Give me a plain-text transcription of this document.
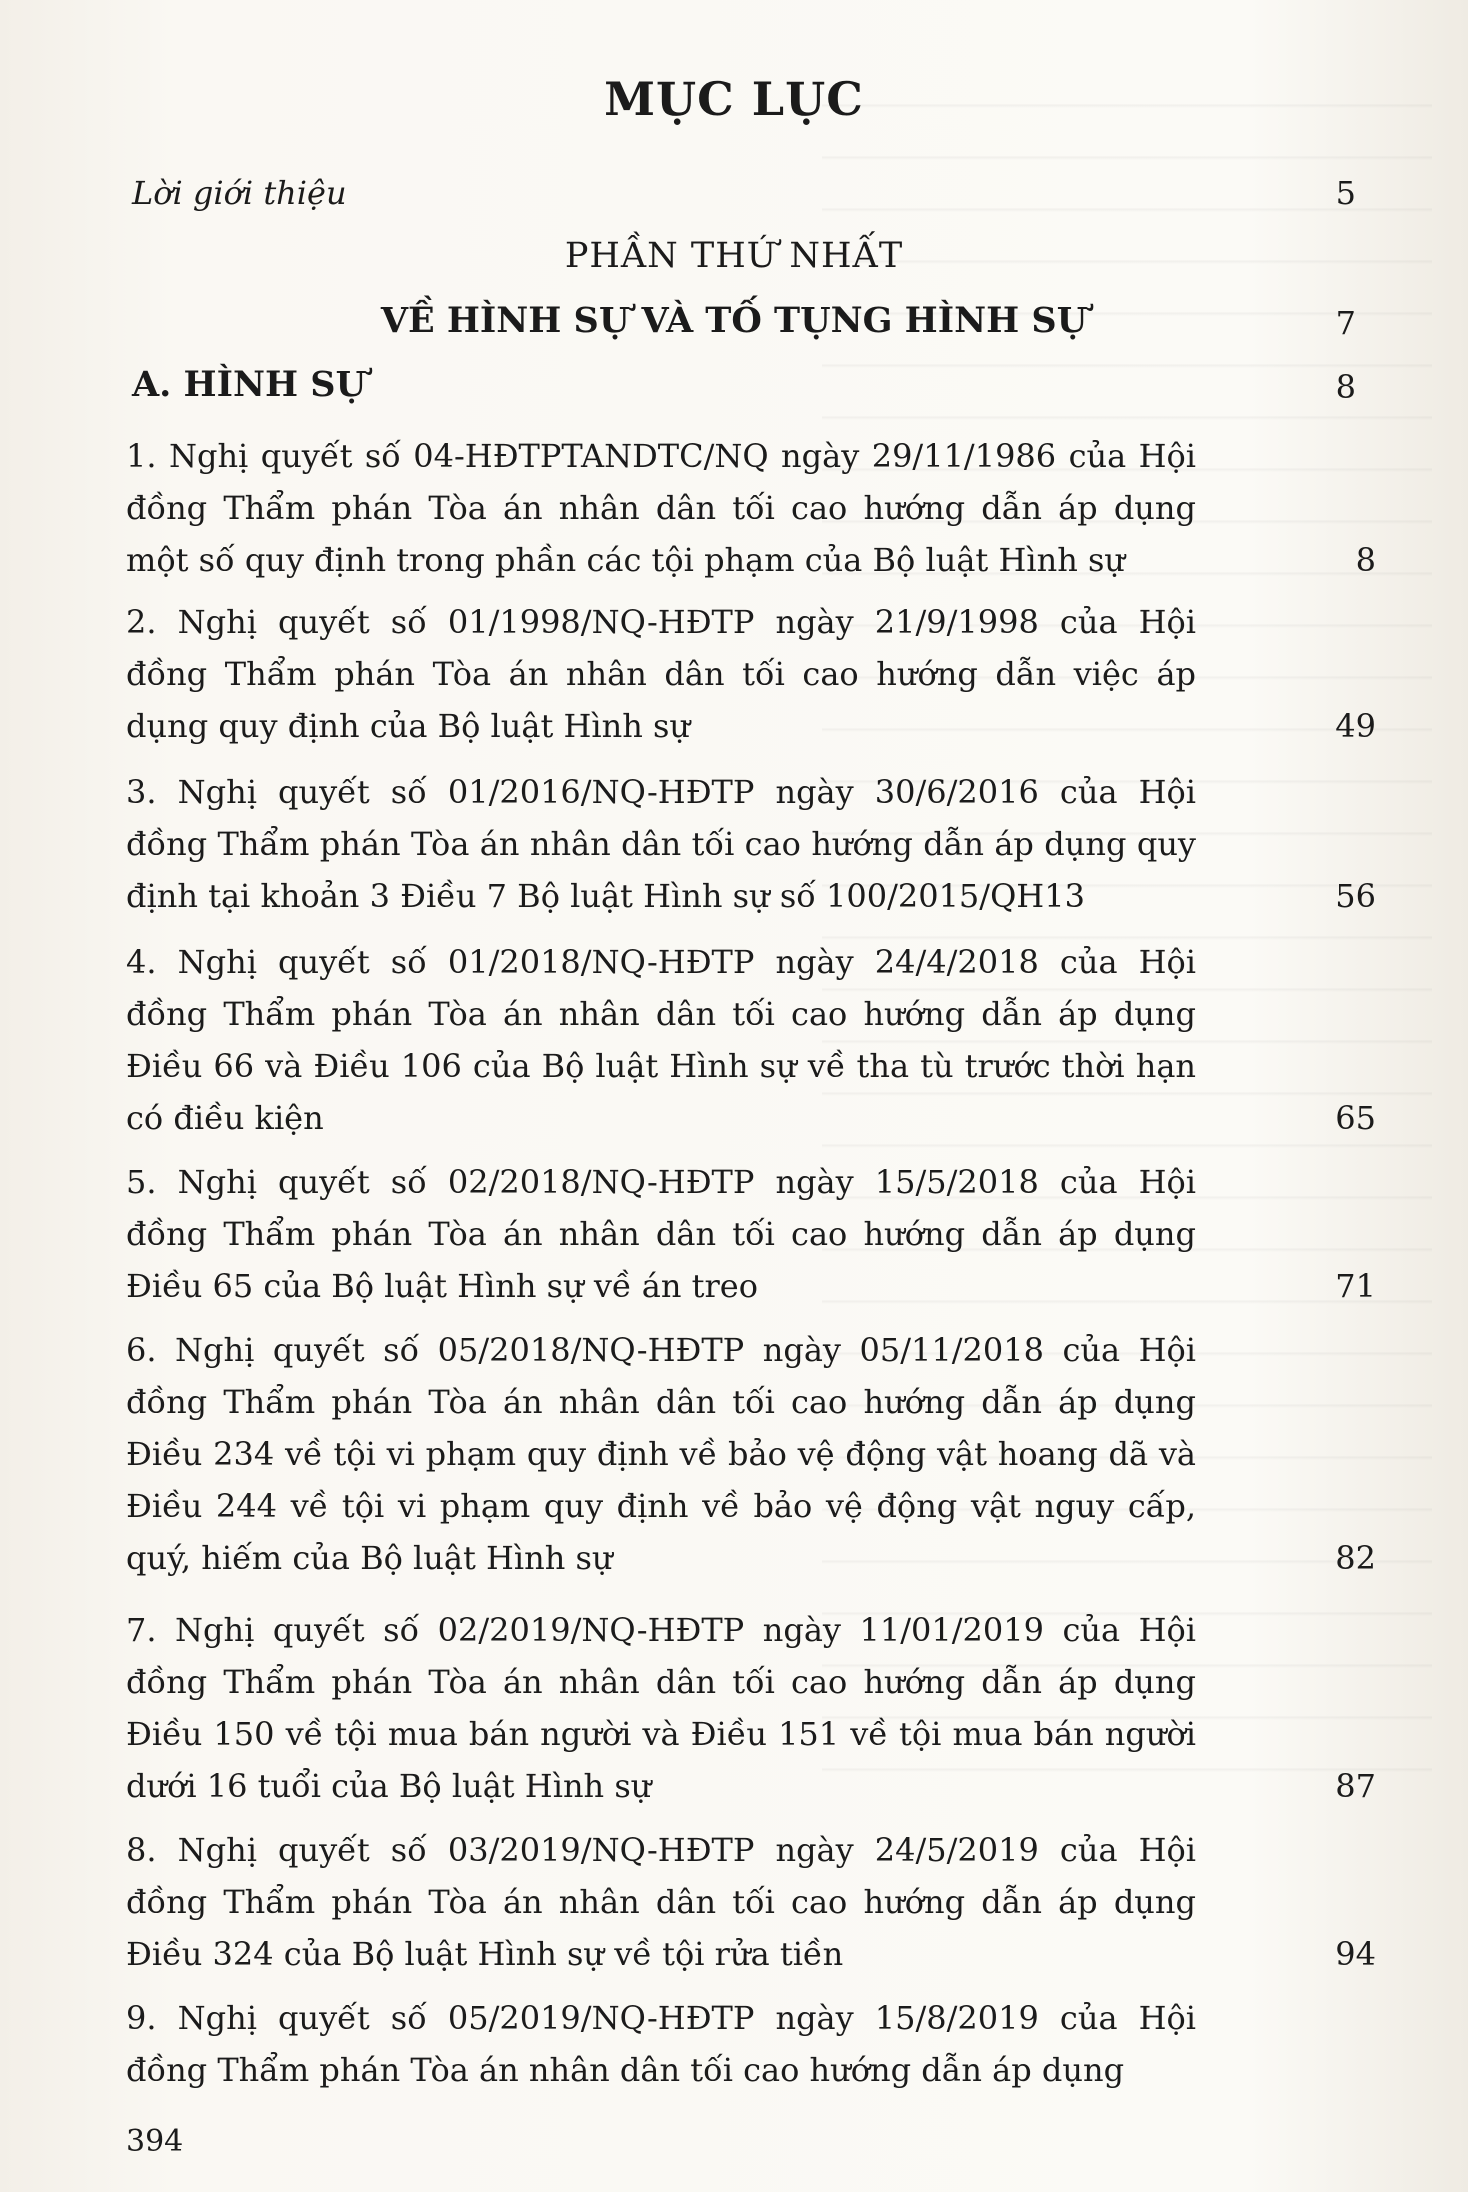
MỤC LỤC
Lời giới thiệu	5
PHẦN THỨ NHẤT
VỀ HÌNH SỰ VÀ TỐ TỤNG HÌNH SỰ	7
A. HÌNH SỰ	8
1. Nghị quyết số 04-HĐTPTANDTC/NQ ngày 29/11/1986 của Hội đồng Thẩm phán Tòa án nhân dân tối cao hướng dẫn áp dụng một số quy định trong phần các tội phạm của Bộ luật Hình sự	8
2. Nghị quyết số 01/1998/NQ-HĐTP ngày 21/9/1998 của Hội đồng Thẩm phán Tòa án nhân dân tối cao hướng dẫn việc áp dụng quy định của Bộ luật Hình sự	49
3. Nghị quyết số 01/2016/NQ-HĐTP ngày 30/6/2016 của Hội đồng Thẩm phán Tòa án nhân dân tối cao hướng dẫn áp dụng quy định tại khoản 3 Điều 7 Bộ luật Hình sự số 100/2015/QH13	56
4. Nghị quyết số 01/2018/NQ-HĐTP ngày 24/4/2018 của Hội đồng Thẩm phán Tòa án nhân dân tối cao hướng dẫn áp dụng Điều 66 và Điều 106 của Bộ luật Hình sự về tha tù trước thời hạn có điều kiện	65
5. Nghị quyết số 02/2018/NQ-HĐTP ngày 15/5/2018 của Hội đồng Thẩm phán Tòa án nhân dân tối cao hướng dẫn áp dụng Điều 65 của Bộ luật Hình sự về án treo	71
6. Nghị quyết số 05/2018/NQ-HĐTP ngày 05/11/2018 của Hội đồng Thẩm phán Tòa án nhân dân tối cao hướng dẫn áp dụng Điều 234 về tội vi phạm quy định về bảo vệ động vật hoang dã và Điều 244 về tội vi phạm quy định về bảo vệ động vật nguy cấp, quý, hiếm của Bộ luật Hình sự	82
7. Nghị quyết số 02/2019/NQ-HĐTP ngày 11/01/2019 của Hội đồng Thẩm phán Tòa án nhân dân tối cao hướng dẫn áp dụng Điều 150 về tội mua bán người và Điều 151 về tội mua bán người dưới 16 tuổi của Bộ luật Hình sự	87
8. Nghị quyết số 03/2019/NQ-HĐTP ngày 24/5/2019 của Hội đồng Thẩm phán Tòa án nhân dân tối cao hướng dẫn áp dụng Điều 324 của Bộ luật Hình sự về tội rửa tiền	94
9. Nghị quyết số 05/2019/NQ-HĐTP ngày 15/8/2019 của Hội đồng Thẩm phán Tòa án nhân dân tối cao hướng dẫn áp dụng
394
